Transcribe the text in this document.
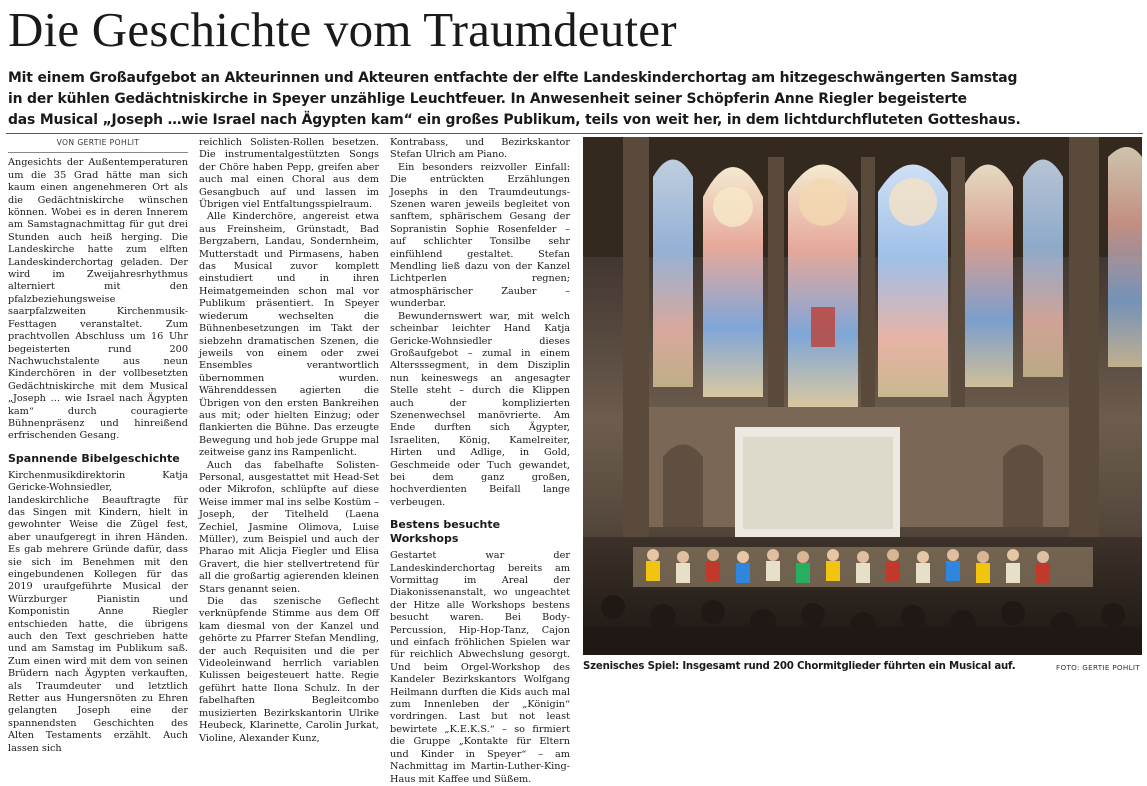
Die Geschichte vom Traumdeuter
Mit einem Großaufgebot an Akteurinnen und Akteuren entfachte der elfte Landeskinderchortag am hitzegeschwängerten Samstag
in der kühlen Gedächtniskirche in Speyer unzählige Leuchtfeuer. In Anwesenheit seiner Schöpferin Anne Riegler begeisterte
das Musical „Joseph …wie Israel nach Ägypten kam“ ein großes Publikum, teils von weit her, in dem lichtdurchfluteten Gotteshaus.
VON GERTIE POHLIT

Angesichts der Außentemperaturen um die 35 Grad hätte man sich kaum einen angenehmeren Ort als die Gedächtniskirche wünschen können. Wobei es in deren Innerem am Samstagnachmittag für gut drei Stunden auch heiß herging. Die Landeskirche hatte zum elften Landeskinderchortag geladen. Der wird im Zweijahresrhythmus alterniert mit den pfalzbeziehungsweise saarpfalzweiten Kirchenmusik-Festtagen veranstaltet. Zum prachtvollen Abschluss um 16 Uhr begeisterten rund 200 Nachwuchstalente aus neun Kinderchören in der vollbesetzten Gedächtniskirche mit dem Musical „Joseph … wie Israel nach Ägypten kam“ durch couragierte Bühnenpräsenz und hinreißend erfrischenden Gesang.

Spannende Bibelgeschichte

Kirchenmusikdirektorin Katja Gericke-Wohnsiedler, landeskirchliche Beauftragte für das Singen mit Kindern, hielt in gewohnter Weise die Zügel fest, aber unaufgeregt in ihren Händen. Es gab mehrere Gründe dafür, dass sie sich im Benehmen mit den eingebundenen Kollegen für das 2019 uraufgeführte Musical der Würzburger Pianistin und Komponistin Anne Riegler entschieden hatte, die übrigens auch den Text geschrieben hatte und am Samstag im Publikum saß. Zum einen wird mit dem von seinen Brüdern nach Ägypten verkauften, als Traumdeuter und letztlich Retter aus Hungersnöten zu Ehren gelangten Joseph eine der spannendsten Geschichten des Alten Testaments erzählt. Auch lassen sich

reichlich Solisten-Rollen besetzen. Die instrumentalgestützten Songs der Chöre haben Pepp, greifen aber auch mal einen Choral aus dem Gesangbuch auf und lassen im Übrigen viel Entfaltungsspielraum.

Alle Kinderchöre, angereist etwa aus Freinsheim, Grünstadt, Bad Bergzabern, Landau, Sondernheim, Mutterstadt und Pirmasens, haben das Musical zuvor komplett einstudiert und in ihren Heimatgemeinden schon mal vor Publikum präsentiert. In Speyer wiederum wechselten die Bühnenbesetzungen im Takt der siebzehn dramatischen Szenen, die jeweils von einem oder zwei Ensembles verantwortlich übernommen wurden. Währenddessen agierten die Übrigen von den ersten Bankreihen aus mit; oder hielten Einzug; oder flankierten die Bühne. Das erzeugte Bewegung und hob jede Gruppe mal zeitweise ganz ins Rampenlicht.

Auch das fabelhafte Solisten-Personal, ausgestattet mit Head-Set oder Mikrofon, schlüpfte auf diese Weise immer mal ins selbe Kostüm – Joseph, der Titelheld (Laena Zechiel, Jasmine Olimova, Luise Müller), zum Beispiel und auch der Pharao mit Alicja Fiegler und Elisa Gravert, die hier stellvertretend für all die großartig agierenden kleinen Stars genannt seien.

Die das szenische Geflecht verknüpfende Stimme aus dem Off kam diesmal von der Kanzel und gehörte zu Pfarrer Stefan Mendling, der auch Requisiten und die per Videoleinwand herrlich variablen Kulissen beigesteuert hatte. Regie geführt hatte Ilona Schulz. In der fabelhaften Begleitcombo musizierten Bezirkskantorin Ulrike Heubeck, Klarinette, Carolin Jurkat, Violine, Alexander Kunz,

Kontrabass, und Bezirkskantor Stefan Ulrich am Piano.

Ein besonders reizvoller Einfall: Die entrückten Erzählungen Josephs in den Traumdeutungs-Szenen waren jeweils begleitet von sanftem, sphärischem Gesang der Sopranistin Sophie Rosenfelder – auf schlichter Tonsilbe sehr einfühlend gestaltet. Stefan Mendling ließ dazu von der Kanzel Lichtperlen regnen; atmosphärischer Zauber – wunderbar.

Bewundernswert war, mit welch scheinbar leichter Hand Katja Gericke-Wohnsiedler dieses Großaufgebot – zumal in einem Altersssegment, in dem Disziplin nun keineswegs an angesagter Stelle steht – durch die Klippen auch der komplizierten Szenenwechsel manövrierte. Am Ende durften sich Ägypter, Israeliten, König, Kamelreiter, Hirten und Adlige, in Gold, Geschmeide oder Tuch gewandet, bei dem ganz großen, hochverdienten Beifall lange verbeugen.

Bestens besuchte Workshops

Gestartet war der Landeskinderchortag bereits am Vormittag im Areal der Diakonissenanstalt, wo ungeachtet der Hitze alle Workshops bestens besucht waren. Bei Body-Percussion, Hip-Hop-Tanz, Cajon und einfach fröhlichen Spielen war für reichlich Abwechslung gesorgt. Und beim Orgel-Workshop des Kandeler Bezirkskantors Wolfgang Heilmann durften die Kids auch mal zum Innenleben der „Königin“ vordringen. Last but not least bewirtete „K.E.K.S.“ – so firmiert die Gruppe „Kontakte für Eltern und Kinder in Speyer“ – am Nachmittag im Martin-Luther-King-Haus mit Kaffee und Süßem.

Szenisches Spiel: Insgesamt rund 200 Chormitglieder führten ein Musical auf.	FOTO: GERTIE POHLIT
